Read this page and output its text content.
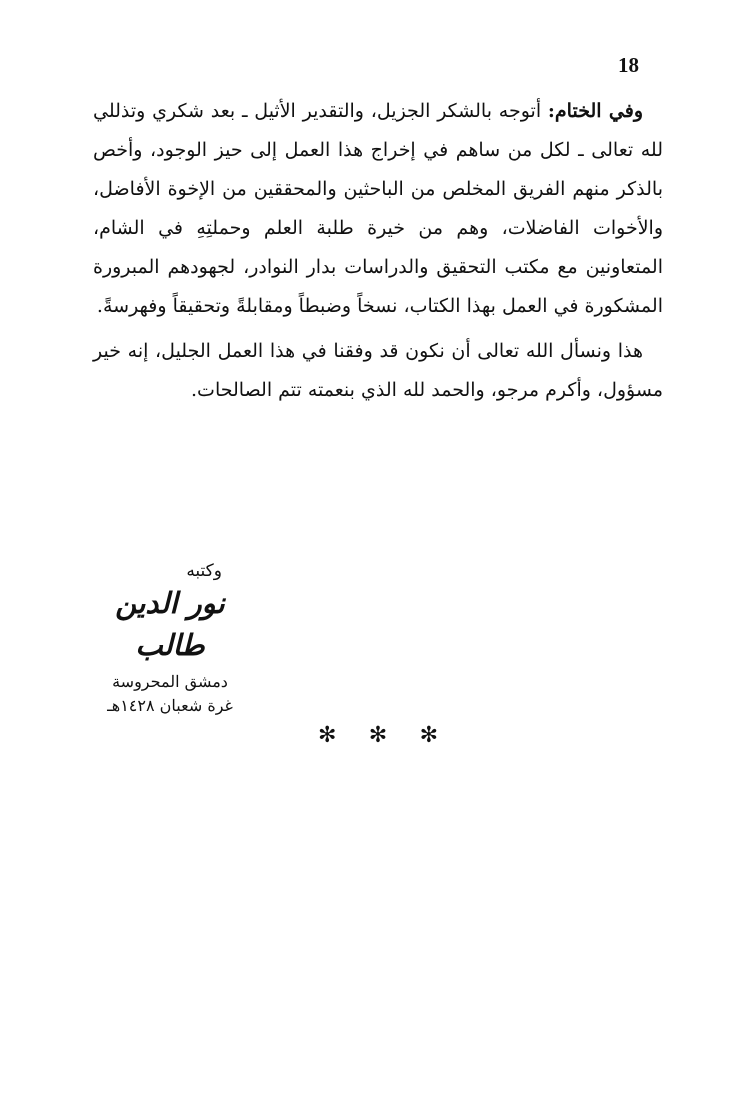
18

وفي الختام: أتوجه بالشكر الجزيل، والتقدير الأثيل ـ بعد شكري وتذللي لله تعالى ـ لكل من ساهم في إخراج هذا العمل إلى حيز الوجود، وأخص بالذكر منهم الفريق المخلص من الباحثين والمحققين من الإخوة الأفاضل، والأخوات الفاضلات، وهم من خيرة طلبة العلم وحملتِهِ في الشام، المتعاونين مع مكتب التحقيق والدراسات بدار النوادر، لجهودهم المبرورة المشكورة في العمل بهذا الكتاب، نسخاً وضبطاً ومقابلةً وتحقيقاً وفهرسةً.

هذا ونسأل الله تعالى أن نكون قد وفقنا في هذا العمل الجليل، إنه خير مسؤول، وأكرم مرجو، والحمد لله الذي بنعمته تتم الصالحات.

وكتبه
نور الدين طالب
دمشق المحروسة
غرة شعبان ١٤٢٨هـ
✻ ✻ ✻
